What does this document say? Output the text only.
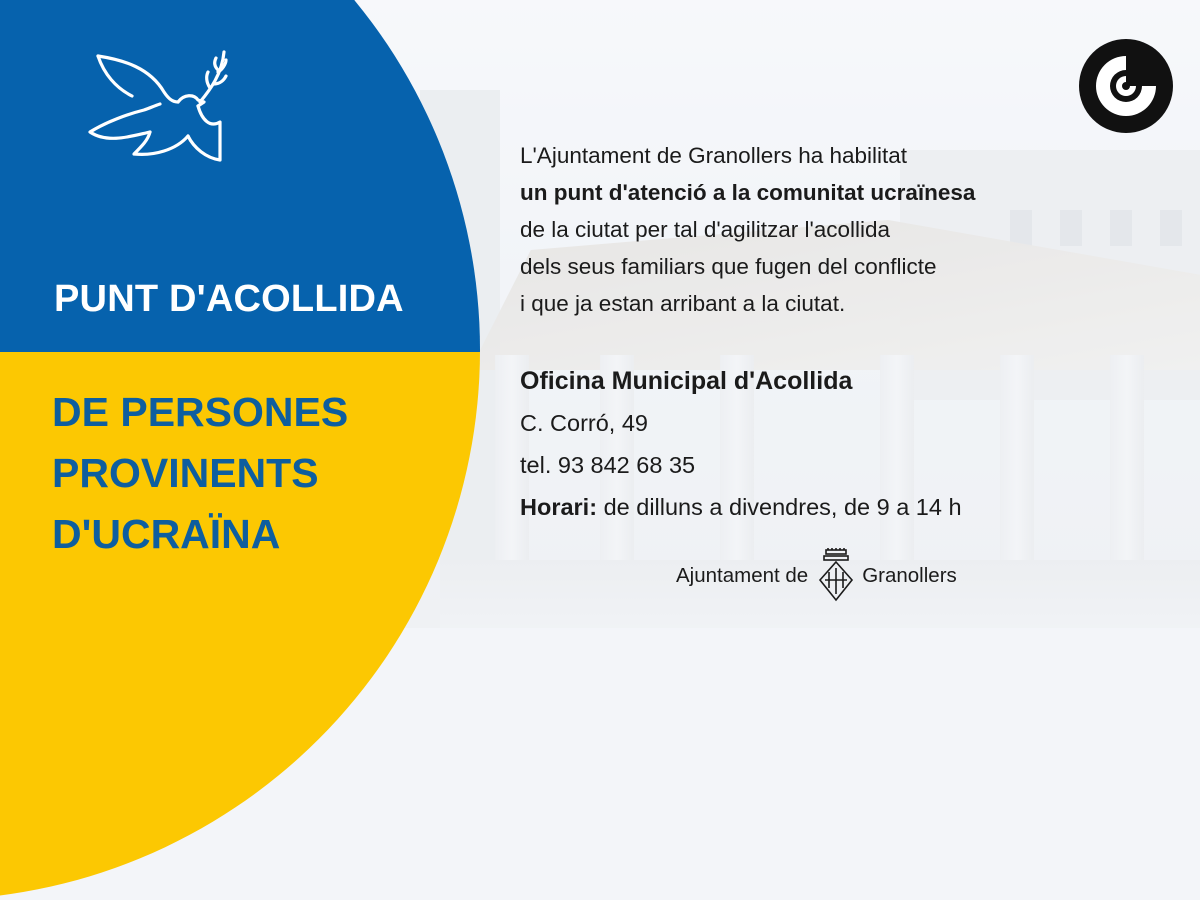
PUNT D'ACOLLIDA
DE PERSONES
PROVINENTS
D'UCRAÏNA
L'Ajuntament de Granollers ha habilitat
un punt d'atenció a la comunitat ucraïnesa
de la ciutat per tal d'agilitzar l'acollida
dels seus familiars que fugen del conflicte
i que ja estan arribant a la ciutat.
Oficina Municipal d'Acollida
C. Corró, 49
tel. 93 842 68 35
Horari: de dilluns a divendres, de 9 a 14 h
Ajuntament de	Granollers
